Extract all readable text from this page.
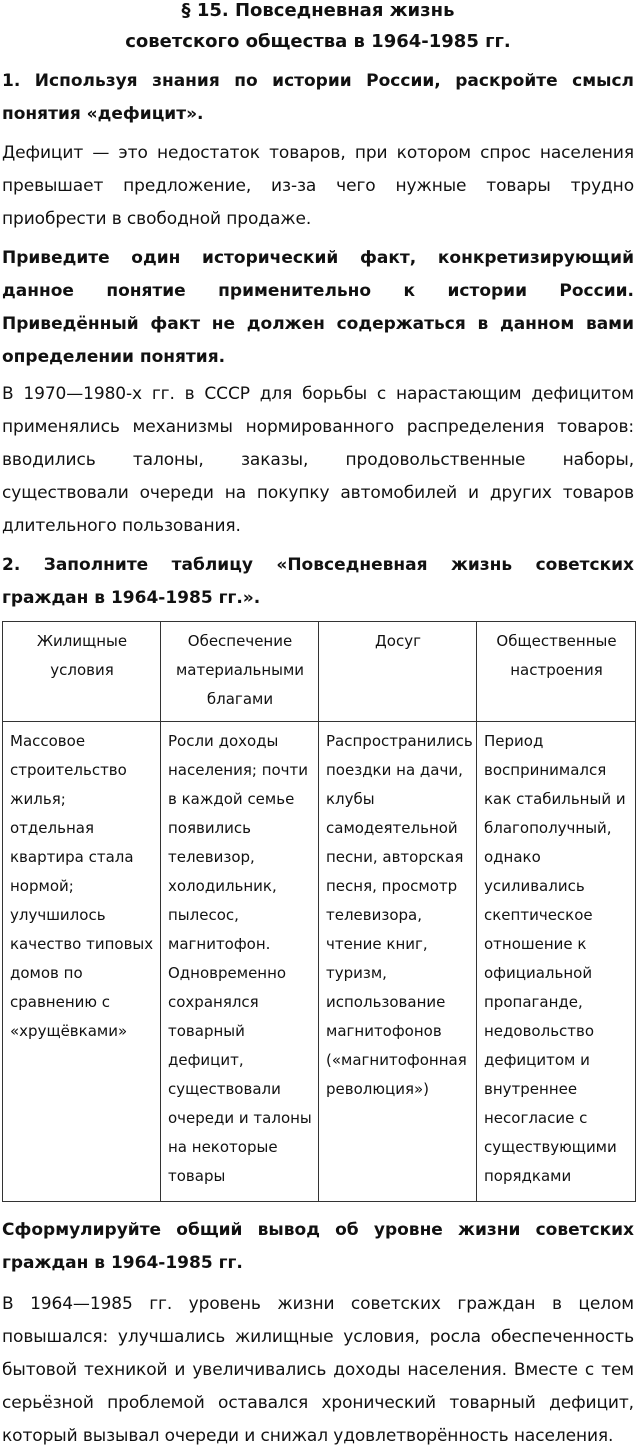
§ 15. Повседневная жизнь
советского общества в 1964-1985 гг.

1. Используя знания по истории России, раскройте смысл понятия «дефицит».

Дефицит — это недостаток товаров, при котором спрос населения превышает предложение, из-за чего нужные товары трудно приобрести в свободной продаже.

Приведите один исторический факт, конкретизирующий данное понятие применительно к истории России. Приведённый факт не должен содержаться в данном вами определении понятия.

В 1970—1980-х гг. в СССР для борьбы с нарастающим дефицитом применялись механизмы нормированного распределения товаров: вводились талоны, заказы, продовольственные наборы, существовали очереди на покупку автомобилей и других товаров длительного пользования.

2. Заполните таблицу «Повседневная жизнь советских граждан в 1964-1985 гг.».

Жилищные условия	Обеспечение материальными благами	Досуг	Общественные настроения
Массовое строительство жилья; отдельная квартира стала нормой; улучшилось качество типовых домов по сравнению с «хрущёвками»	Росли доходы населения; почти в каждой семье появились телевизор, холодильник, пылесос, магнитофон. Одновременно сохранялся товарный дефицит, существовали очереди и талоны на некоторые товары	Распространились поездки на дачи, клубы самодеятельной песни, авторская песня, просмотр телевизора, чтение книг, туризм, использование магнитофонов («магнитофонная революция»)	Период воспринимался как стабильный и благополучный, однако усиливались скептическое отношение к официальной пропаганде, недовольство дефицитом и внутреннее несогласие с существующими порядками

Сформулируйте общий вывод об уровне жизни советских граждан в 1964-1985 гг.

В 1964—1985 гг. уровень жизни советских граждан в целом повышался: улучшались жилищные условия, росла обеспеченность бытовой техникой и увеличивались доходы населения. Вместе с тем серьёзной проблемой оставался хронический товарный дефицит, который вызывал очереди и снижал удовлетворённость населения.
